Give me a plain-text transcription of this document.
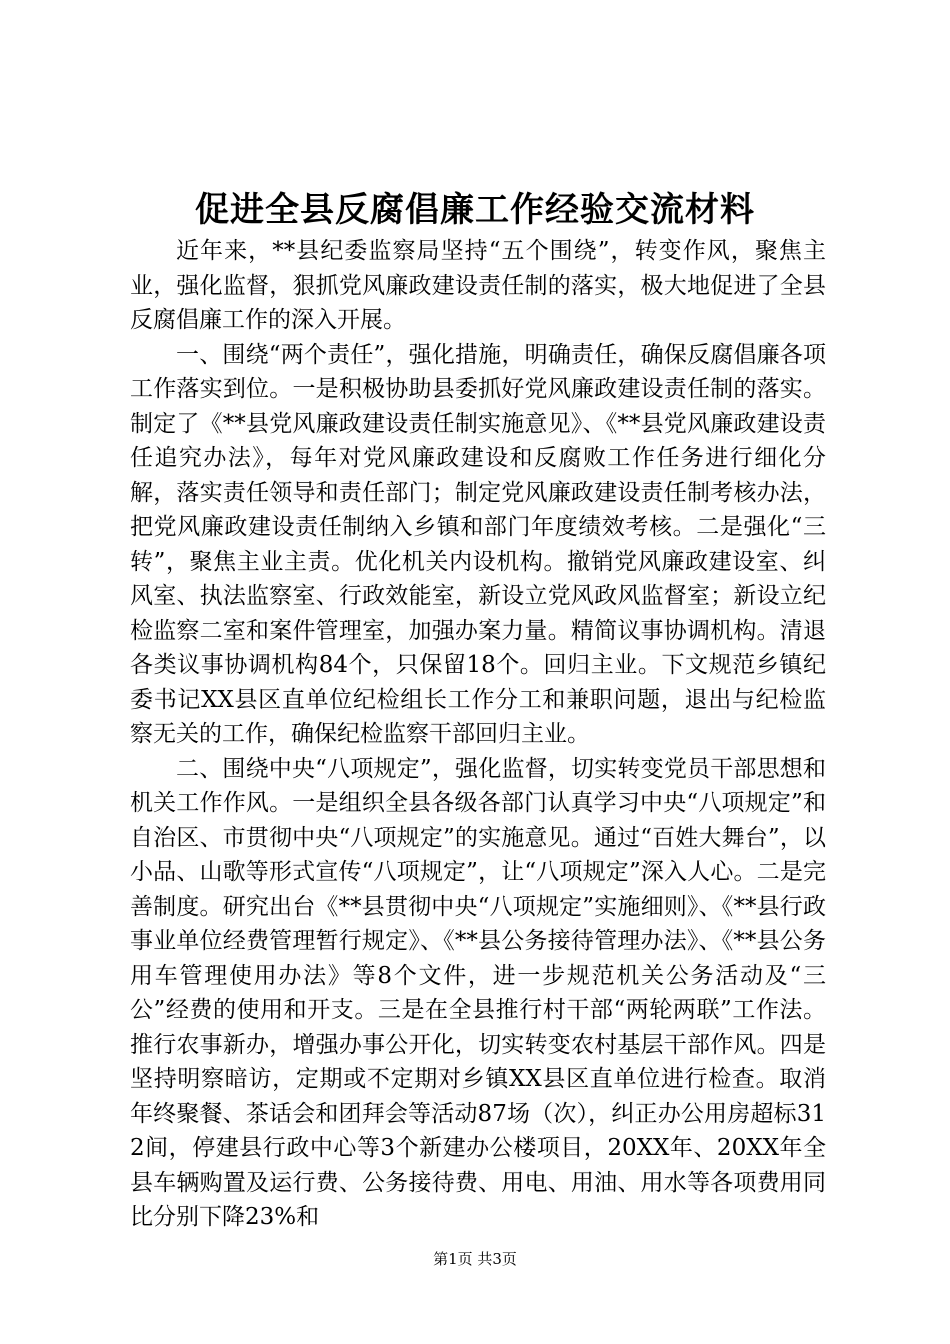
促进全县反腐倡廉工作经验交流材料

近年来，**县纪委监察局坚持“五个围绕”，转变作风，聚焦主业，强化监督，狠抓党风廉政建设责任制的落实，极大地促进了全县反腐倡廉工作的深入开展。

一、围绕“两个责任”，强化措施，明确责任，确保反腐倡廉各项工作落实到位。一是积极协助县委抓好党风廉政建设责任制的落实。制定了《**县党风廉政建设责任制实施意见》、《**县党风廉政建设责任追究办法》，每年对党风廉政建设和反腐败工作任务进行细化分解，落实责任领导和责任部门；制定党风廉政建设责任制考核办法，把党风廉政建设责任制纳入乡镇和部门年度绩效考核。二是强化“三转”，聚焦主业主责。优化机关内设机构。撤销党风廉政建设室、纠风室、执法监察室、行政效能室，新设立党风政风监督室；新设立纪检监察二室和案件管理室，加强办案力量。精简议事协调机构。清退各类议事协调机构84个，只保留18个。回归主业。下文规范乡镇纪委书记XX县区直单位纪检组长工作分工和兼职问题，退出与纪检监察无关的工作，确保纪检监察干部回归主业。

二、围绕中央“八项规定”，强化监督，切实转变党员干部思想和机关工作作风。一是组织全县各级各部门认真学习中央“八项规定”和自治区、市贯彻中央“八项规定”的实施意见。通过“百姓大舞台”，以小品、山歌等形式宣传“八项规定”，让“八项规定”深入人心。二是完善制度。研究出台《**县贯彻中央“八项规定”实施细则》、《**县行政事业单位经费管理暂行规定》、《**县公务接待管理办法》、《**县公务用车管理使用办法》等8个文件，进一步规范机关公务活动及“三公”经费的使用和开支。三是在全县推行村干部“两轮两联”工作法。推行农事新办，增强办事公开化，切实转变农村基层干部作风。四是坚持明察暗访，定期或不定期对乡镇XX县区直单位进行检查。取消年终聚餐、茶话会和团拜会等活动87场（次），纠正办公用房超标312间，停建县行政中心等3个新建办公楼项目，20XX年、20XX年全县车辆购置及运行费、公务接待费、用电、用油、用水等各项费用同比分别下降23%和

第1页 共3页
